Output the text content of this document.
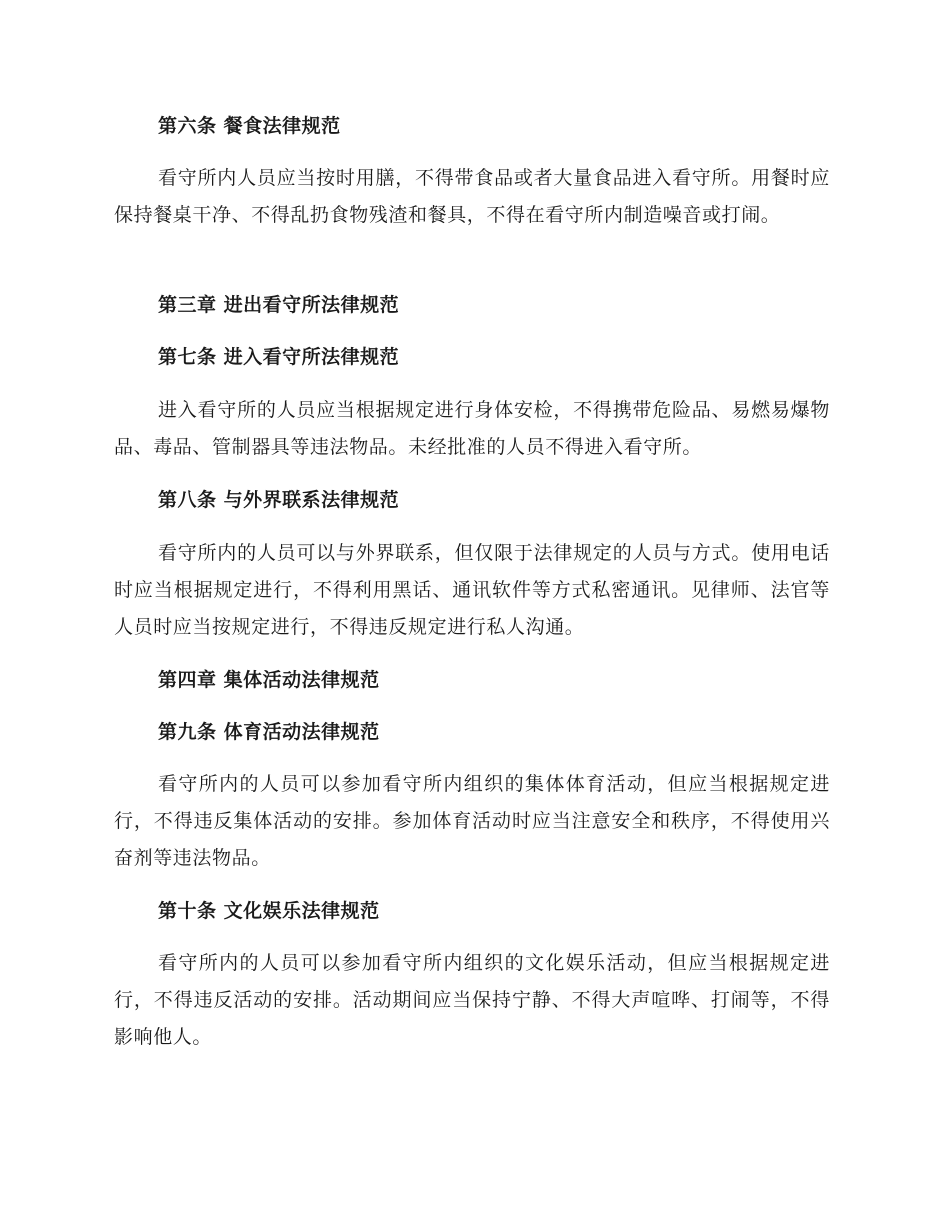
第六条 餐食法律规范

看守所内人员应当按时用膳，不得带食品或者大量食品进入看守所。用餐时应保持餐桌干净、不得乱扔食物残渣和餐具，不得在看守所内制造噪音或打闹。

第三章 进出看守所法律规范
第七条 进入看守所法律规范

进入看守所的人员应当根据规定进行身体安检，不得携带危险品、易燃易爆物品、毒品、管制器具等违法物品。未经批准的人员不得进入看守所。

第八条 与外界联系法律规范

看守所内的人员可以与外界联系，但仅限于法律规定的人员与方式。使用电话时应当根据规定进行，不得利用黑话、通讯软件等方式私密通讯。见律师、法官等人员时应当按规定进行，不得违反规定进行私人沟通。

第四章 集体活动法律规范
第九条 体育活动法律规范

看守所内的人员可以参加看守所内组织的集体体育活动，但应当根据规定进行，不得违反集体活动的安排。参加体育活动时应当注意安全和秩序，不得使用兴奋剂等违法物品。

第十条 文化娱乐法律规范

看守所内的人员可以参加看守所内组织的文化娱乐活动，但应当根据规定进行，不得违反活动的安排。活动期间应当保持宁静、不得大声喧哗、打闹等，不得影响他人。
